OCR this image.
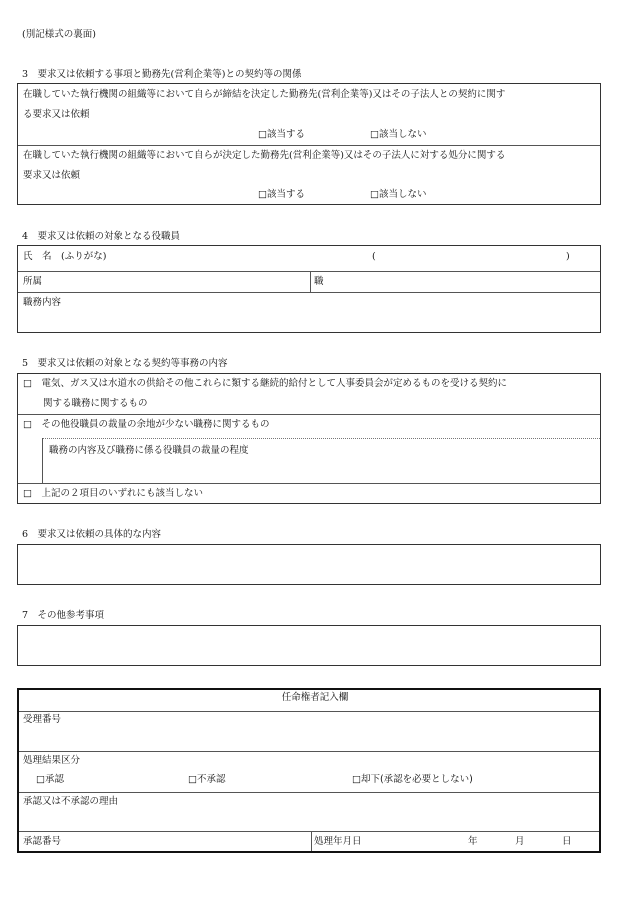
(別記様式の裏面)
3　要求又は依頼する事項と勤務先(営利企業等)との契約等の関係
在職していた執行機関の組織等において自らが締結を決定した勤務先(営利企業等)又はその子法人との契約に関す
る要求又は依頼
□該当する	□該当しない
在職していた執行機関の組織等において自らが決定した勤務先(営利企業等)又はその子法人に対する処分に関する
要求又は依頼
□該当する	□該当しない
4　要求又は依頼の対象となる役職員
氏　名　(ふりがな)	(	)
所属	職
職務内容
5　要求又は依頼の対象となる契約等事務の内容
□　電気、ガス又は水道水の供給その他これらに類する継続的給付として人事委員会が定めるものを受ける契約に
関する職務に関するもの
□　その他役職員の裁量の余地が少ない職務に関するもの
職務の内容及び職務に係る役職員の裁量の程度
□　上記の２項目のいずれにも該当しない
6　要求又は依頼の具体的な内容
7　その他参考事項
任命権者記入欄
受理番号
処理結果区分
□承認	□不承認	□却下(承認を必要としない)
承認又は不承認の理由
承認番号	処理年月日	年	月	日
